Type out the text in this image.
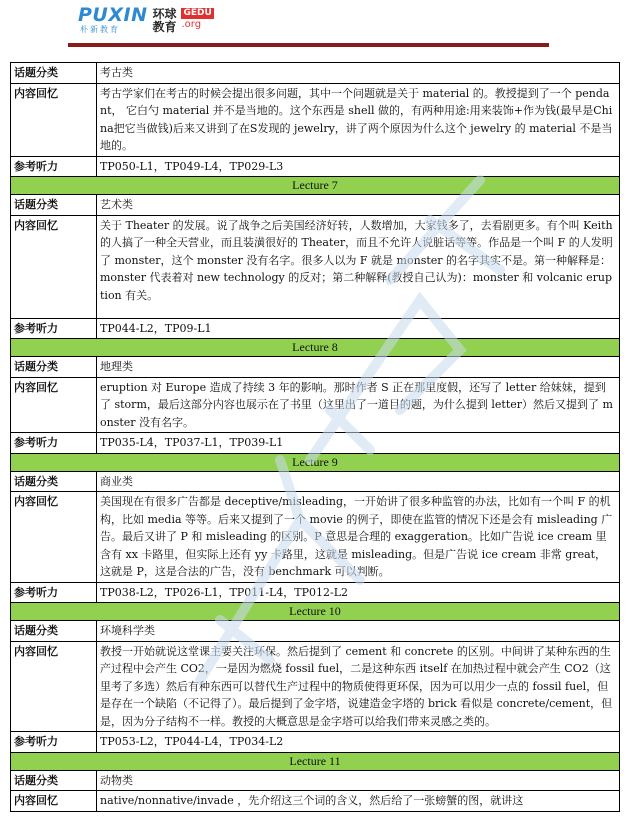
PUXIN
朴新教育
环球教育
GEDU
.org
话题分类	考古类
内容回忆	考古学家们在考古的时候会提出很多问题，其中一个问题就是关于 material 的。教授提到了一个 pendant， 它白勺 material 并不是当地的。这个东西是 shell 做的，有两种用途:用来装饰+作为钱(最早是China把它当做钱)后来又讲到了在S发现的 jewelry，讲了两个原因为什么这个 jewelry 的 material 不是当地的。
参考听力	TP050-L1，TP049-L4，TP029-L3
Lecture 7	
话题分类	艺术类
内容回忆	关于 Theater 的发展。说了战争之后美国经济好转，人数增加，大家钱多了，去看剧更多。有个叫 Keith 的人搞了一种全天营业，而且装潢很好的 Theater，而且不允许人说脏话等等。作品是一个叫 F 的人发明了 monster，这个 monster 没有名字。很多人以为 F 就是 monster 的名字其实不是。第一种解释是：monster 代表着对 new technology 的反对；第二种解释(教授自己认为)：monster 和 volcanic eruption 有关。
参考听力	TP044-L2，TP09-L1
Lecture 8	
话题分类	地理类
内容回忆	eruption 对 Europe 造成了持续 3 年的影响。那时作者 S 正在那里度假，还写了 letter 给妹妹，提到了 storm，最后这部分内容也展示在了书里（这里出了一道目的题，为什么提到 letter）然后又提到了 monster 没有名字。
参考听力	TP035-L4，TP037-L1，TP039-L1
Lecture 9	
话题分类	商业类
内容回忆	美国现在有很多广告都是 deceptive/misleading，一开始讲了很多种监管的办法，比如有一个叫 F 的机构，比如 media 等等。后来又提到了一个 movie 的例子，即使在监管的情况下还是会有 misleading 广告。最后又讲了 P 和 misleading 的区别。P 意思是合理的 exaggeration。比如广告说 ice cream 里含有 xx 卡路里，但实际上还有 yy 卡路里，这就是 misleading。但是广告说 ice cream 非常 great，这就是 P，这是合法的广告，没有 benchmark 可以判断。
参考听力	TP038-L2，TP026-L1，TP011-L4，TP012-L2
Lecture 10	
话题分类	环境科学类
内容回忆	教授一开始就说这堂课主要关注环保。然后提到了 cement 和 concrete 的区别。中间讲了某种东西的生产过程中会产生 CO2，一是因为燃烧 fossil fuel，二是这种东西 itself 在加热过程中就会产生 CO2（这里考了多选）然后有种东西可以替代生产过程中的物质使得更环保，因为可以用少一点的 fossil fuel，但是存在一个缺陷（不记得了）。最后提到了金字塔，说建造金字塔的 brick 看似是 concrete/cement，但是，因为分子结构不一样。教授的大概意思是金字塔可以给我们带来灵感之类的。
参考听力	TP053-L2，TP044-L4，TP034-L2
Lecture 11	
话题分类	动物类
内容回忆	native/nonnative/invade ，先介绍这三个词的含义，然后给了一张螃蟹的图，就讲这
